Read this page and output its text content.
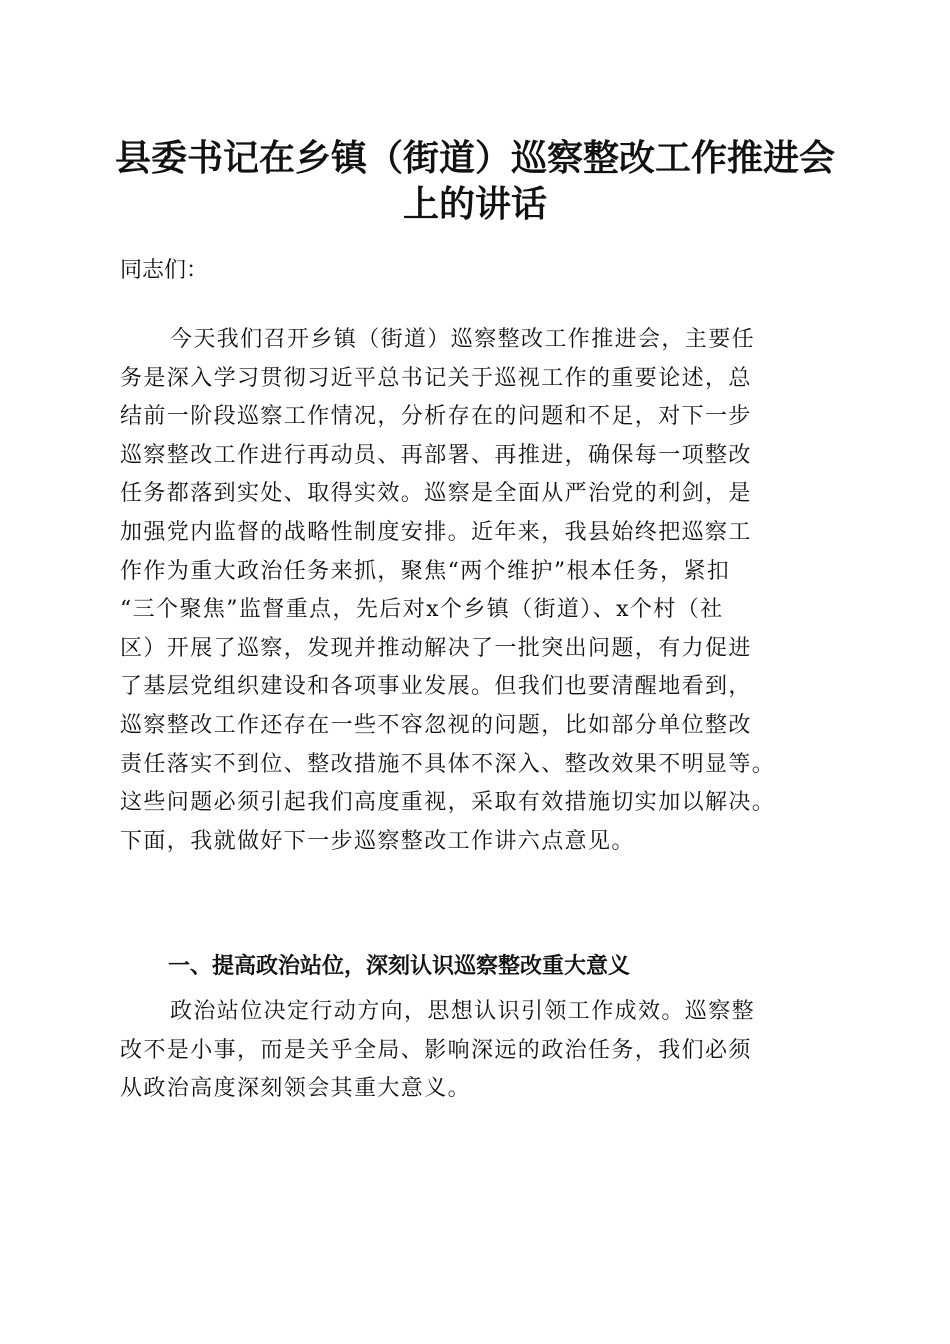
县委书记在乡镇（街道）巡察整改工作推进会
上的讲话

同志们：

今天我们召开乡镇（街道）巡察整改工作推进会，主要任
务是深入学习贯彻习近平总书记关于巡视工作的重要论述，总
结前一阶段巡察工作情况，分析存在的问题和不足，对下一步
巡察整改工作进行再动员、再部署、再推进，确保每一项整改
任务都落到实处、取得实效。巡察是全面从严治党的利剑，是
加强党内监督的战略性制度安排。近年来，我县始终把巡察工
作作为重大政治任务来抓，聚焦“两个维护”根本任务，紧扣
“三个聚焦”监督重点，先后对x个乡镇（街道）、x个村（社
区）开展了巡察，发现并推动解决了一批突出问题，有力促进
了基层党组织建设和各项事业发展。但我们也要清醒地看到，
巡察整改工作还存在一些不容忽视的问题，比如部分单位整改
责任落实不到位、整改措施不具体不深入、整改效果不明显等。
这些问题必须引起我们高度重视，采取有效措施切实加以解决。
下面，我就做好下一步巡察整改工作讲六点意见。

一、提高政治站位，深刻认识巡察整改重大意义

政治站位决定行动方向，思想认识引领工作成效。巡察整
改不是小事，而是关乎全局、影响深远的政治任务，我们必须
从政治高度深刻领会其重大意义。
